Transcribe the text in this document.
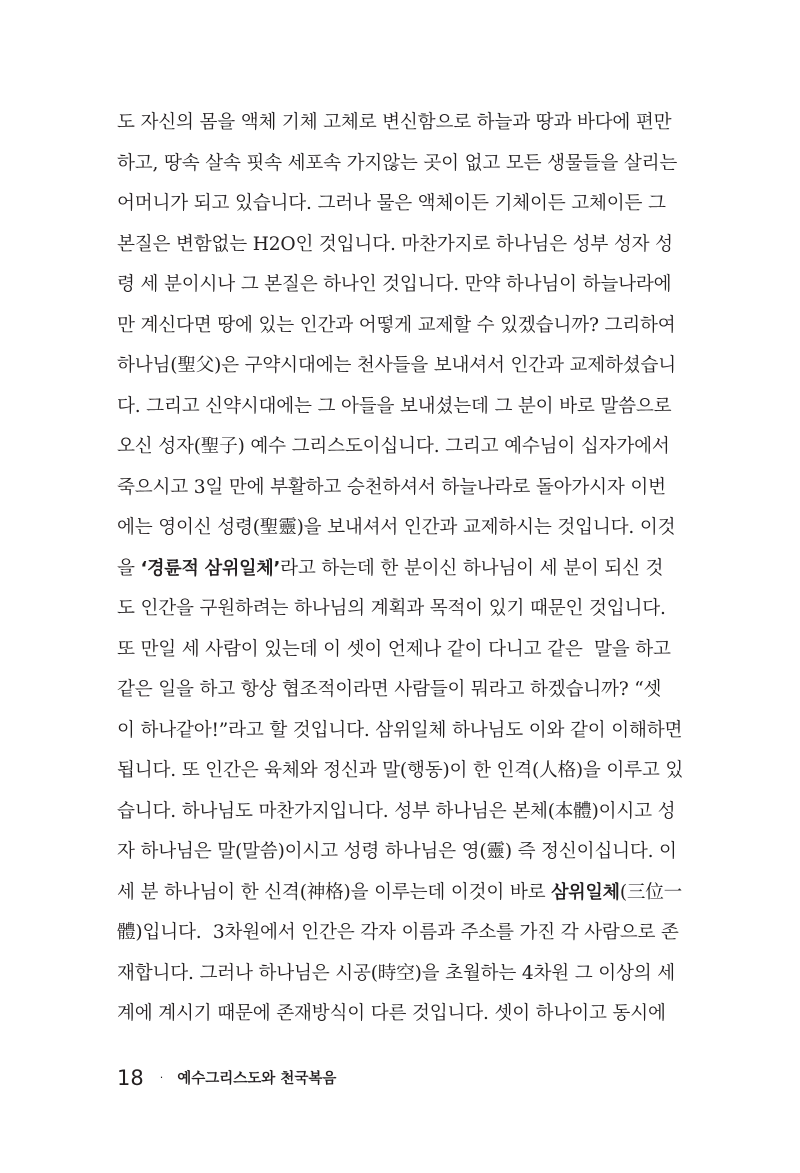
도 자신의 몸을 액체 기체 고체로 변신함으로 하늘과 땅과 바다에 편만
하고, 땅속 살속 핏속 세포속 가지않는 곳이 없고 모든 생물들을 살리는
어머니가 되고 있습니다. 그러나 물은 액체이든 기체이든 고체이든 그
본질은 변함없는 H2O인 것입니다. 마찬가지로 하나님은 성부 성자 성
령 세 분이시나 그 본질은 하나인 것입니다. 만약 하나님이 하늘나라에
만 계신다면 땅에 있는 인간과 어떻게 교제할 수 있겠습니까? 그리하여
하나님(聖父)은 구약시대에는 천사들을 보내셔서 인간과 교제하셨습니
다. 그리고 신약시대에는 그 아들을 보내셨는데 그 분이 바로 말씀으로
오신 성자(聖子) 예수 그리스도이십니다. 그리고 예수님이 십자가에서
죽으시고 3일 만에 부활하고 승천하셔서 하늘나라로 돌아가시자 이번
에는 영이신 성령(聖靈)을 보내셔서 인간과 교제하시는 것입니다. 이것
을 ‘경륜적 삼위일체’라고 하는데 한 분이신 하나님이 세 분이 되신 것
도 인간을 구원하려는 하나님의 계획과 목적이 있기 때문인 것입니다.
또 만일 세 사람이 있는데 이 셋이 언제나 같이 다니고 같은  말을 하고
같은 일을 하고 항상 협조적이라면 사람들이 뭐라고 하겠습니까? “셋
이 하나같아!”라고 할 것입니다. 삼위일체 하나님도 이와 같이 이해하면
됩니다. 또 인간은 육체와 정신과 말(행동)이 한 인격(人格)을 이루고 있
습니다. 하나님도 마찬가지입니다. 성부 하나님은 본체(本體)이시고 성
자 하나님은 말(말씀)이시고 성령 하나님은 영(靈) 즉 정신이십니다. 이
세 분 하나님이 한 신격(神格)을 이루는데 이것이 바로 삼위일체(三位一
體)입니다.  3차원에서 인간은 각자 이름과 주소를 가진 각 사람으로 존
재합니다. 그러나 하나님은 시공(時空)을 초월하는 4차원 그 이상의 세
계에 계시기 때문에 존재방식이 다른 것입니다. 셋이 하나이고 동시에
18 · 예수그리스도와 천국복음
